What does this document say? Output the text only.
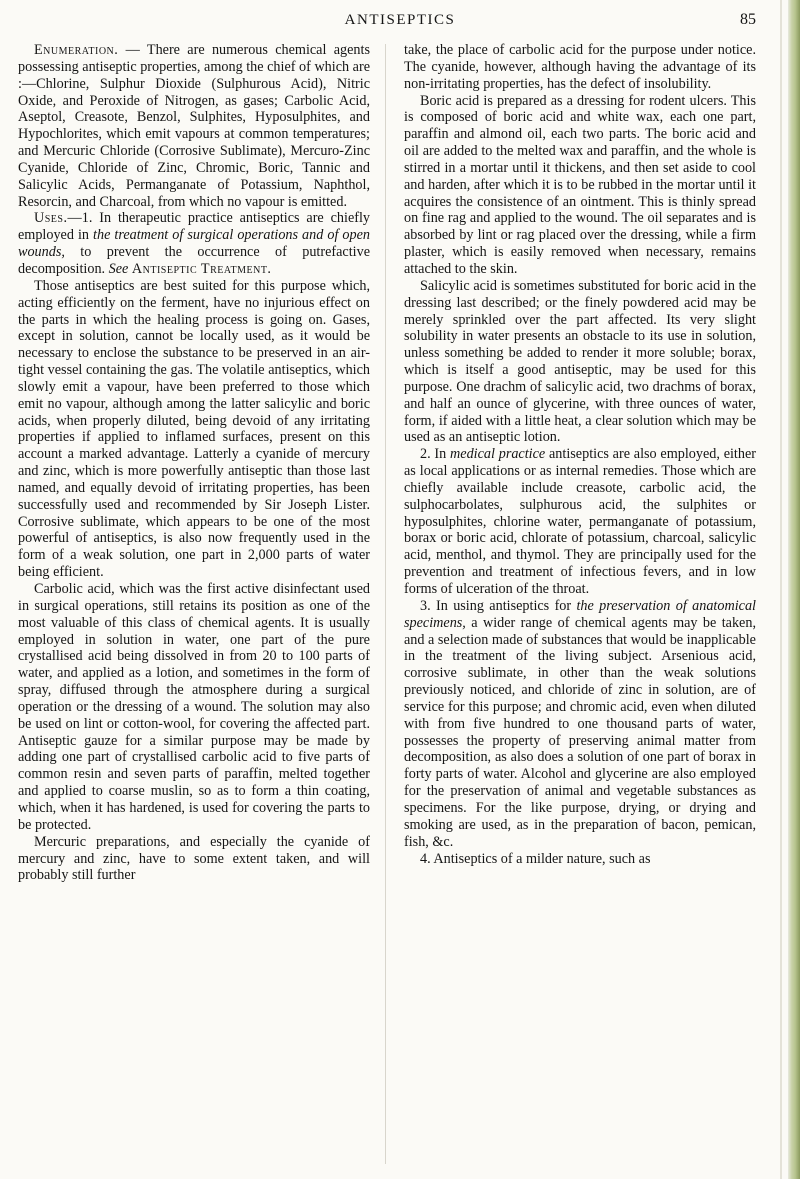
ANTISEPTICS	85

Enumeration. — There are numerous chemical agents possessing antiseptic properties, among the chief of which are :—Chlorine, Sulphur Dioxide (Sulphurous Acid), Nitric Oxide, and Peroxide of Nitrogen, as gases; Carbolic Acid, Aseptol, Creasote, Benzol, Sulphites, Hyposulphites, and Hypochlorites, which emit vapours at common temperatures; and Mercuric Chloride (Corrosive Sublimate), Mercuro-Zinc Cyanide, Chloride of Zinc, Chromic, Boric, Tannic and Salicylic Acids, Permanganate of Potassium, Naphthol, Resorcin, and Charcoal, from which no vapour is emitted.

Uses.—1. In therapeutic practice antiseptics are chiefly employed in the treatment of surgical operations and of open wounds, to prevent the occurrence of putrefactive decomposition. See Antiseptic Treatment.

Those antiseptics are best suited for this purpose which, acting efficiently on the ferment, have no injurious effect on the parts in which the healing process is going on. Gases, except in solution, cannot be locally used, as it would be necessary to enclose the substance to be preserved in an air-tight vessel containing the gas. The volatile antiseptics, which slowly emit a vapour, have been preferred to those which emit no vapour, although among the latter salicylic and boric acids, when properly diluted, being devoid of any irritating properties if applied to inflamed surfaces, present on this account a marked advantage. Latterly a cyanide of mercury and zinc, which is more powerfully antiseptic than those last named, and equally devoid of irritating properties, has been successfully used and recommended by Sir Joseph Lister. Corrosive sublimate, which appears to be one of the most powerful of antiseptics, is also now frequently used in the form of a weak solution, one part in 2,000 parts of water being efficient.

Carbolic acid, which was the first active disinfectant used in surgical operations, still retains its position as one of the most valuable of this class of chemical agents. It is usually employed in solution in water, one part of the pure crystallised acid being dissolved in from 20 to 100 parts of water, and applied as a lotion, and sometimes in the form of spray, diffused through the atmosphere during a surgical operation or the dressing of a wound. The solution may also be used on lint or cotton-wool, for covering the affected part. Antiseptic gauze for a similar purpose may be made by adding one part of crystallised carbolic acid to five parts of common resin and seven parts of paraffin, melted together and applied to coarse muslin, so as to form a thin coating, which, when it has hardened, is used for covering the parts to be protected.

Mercuric preparations, and especially the cyanide of mercury and zinc, have to some extent taken, and will probably still further

take, the place of carbolic acid for the purpose under notice. The cyanide, however, although having the advantage of its non-irritating properties, has the defect of insolubility.

Boric acid is prepared as a dressing for rodent ulcers. This is composed of boric acid and white wax, each one part, paraffin and almond oil, each two parts. The boric acid and oil are added to the melted wax and paraffin, and the whole is stirred in a mortar until it thickens, and then set aside to cool and harden, after which it is to be rubbed in the mortar until it acquires the consistence of an ointment. This is thinly spread on fine rag and applied to the wound. The oil separates and is absorbed by lint or rag placed over the dressing, while a firm plaster, which is easily removed when necessary, remains attached to the skin.

Salicylic acid is sometimes substituted for boric acid in the dressing last described; or the finely powdered acid may be merely sprinkled over the part affected. Its very slight solubility in water presents an obstacle to its use in solution, unless something be added to render it more soluble; borax, which is itself a good antiseptic, may be used for this purpose. One drachm of salicylic acid, two drachms of borax, and half an ounce of glycerine, with three ounces of water, form, if aided with a little heat, a clear solution which may be used as an antiseptic lotion.

2. In medical practice antiseptics are also employed, either as local applications or as internal remedies. Those which are chiefly available include creasote, carbolic acid, the sulphocarbolates, sulphurous acid, the sulphites or hyposulphites, chlorine water, permanganate of potassium, borax or boric acid, chlorate of potassium, charcoal, salicylic acid, menthol, and thymol. They are principally used for the prevention and treatment of infectious fevers, and in low forms of ulceration of the throat.

3. In using antiseptics for the preservation of anatomical specimens, a wider range of chemical agents may be taken, and a selection made of substances that would be inapplicable in the treatment of the living subject. Arsenious acid, corrosive sublimate, in other than the weak solutions previously noticed, and chloride of zinc in solution, are of service for this purpose; and chromic acid, even when diluted with from five hundred to one thousand parts of water, possesses the property of preserving animal matter from decomposition, as also does a solution of one part of borax in forty parts of water. Alcohol and glycerine are also employed for the preservation of animal and vegetable substances as specimens. For the like purpose, drying, or drying and smoking are used, as in the preparation of bacon, pemican, fish, &c.

4. Antiseptics of a milder nature, such as
